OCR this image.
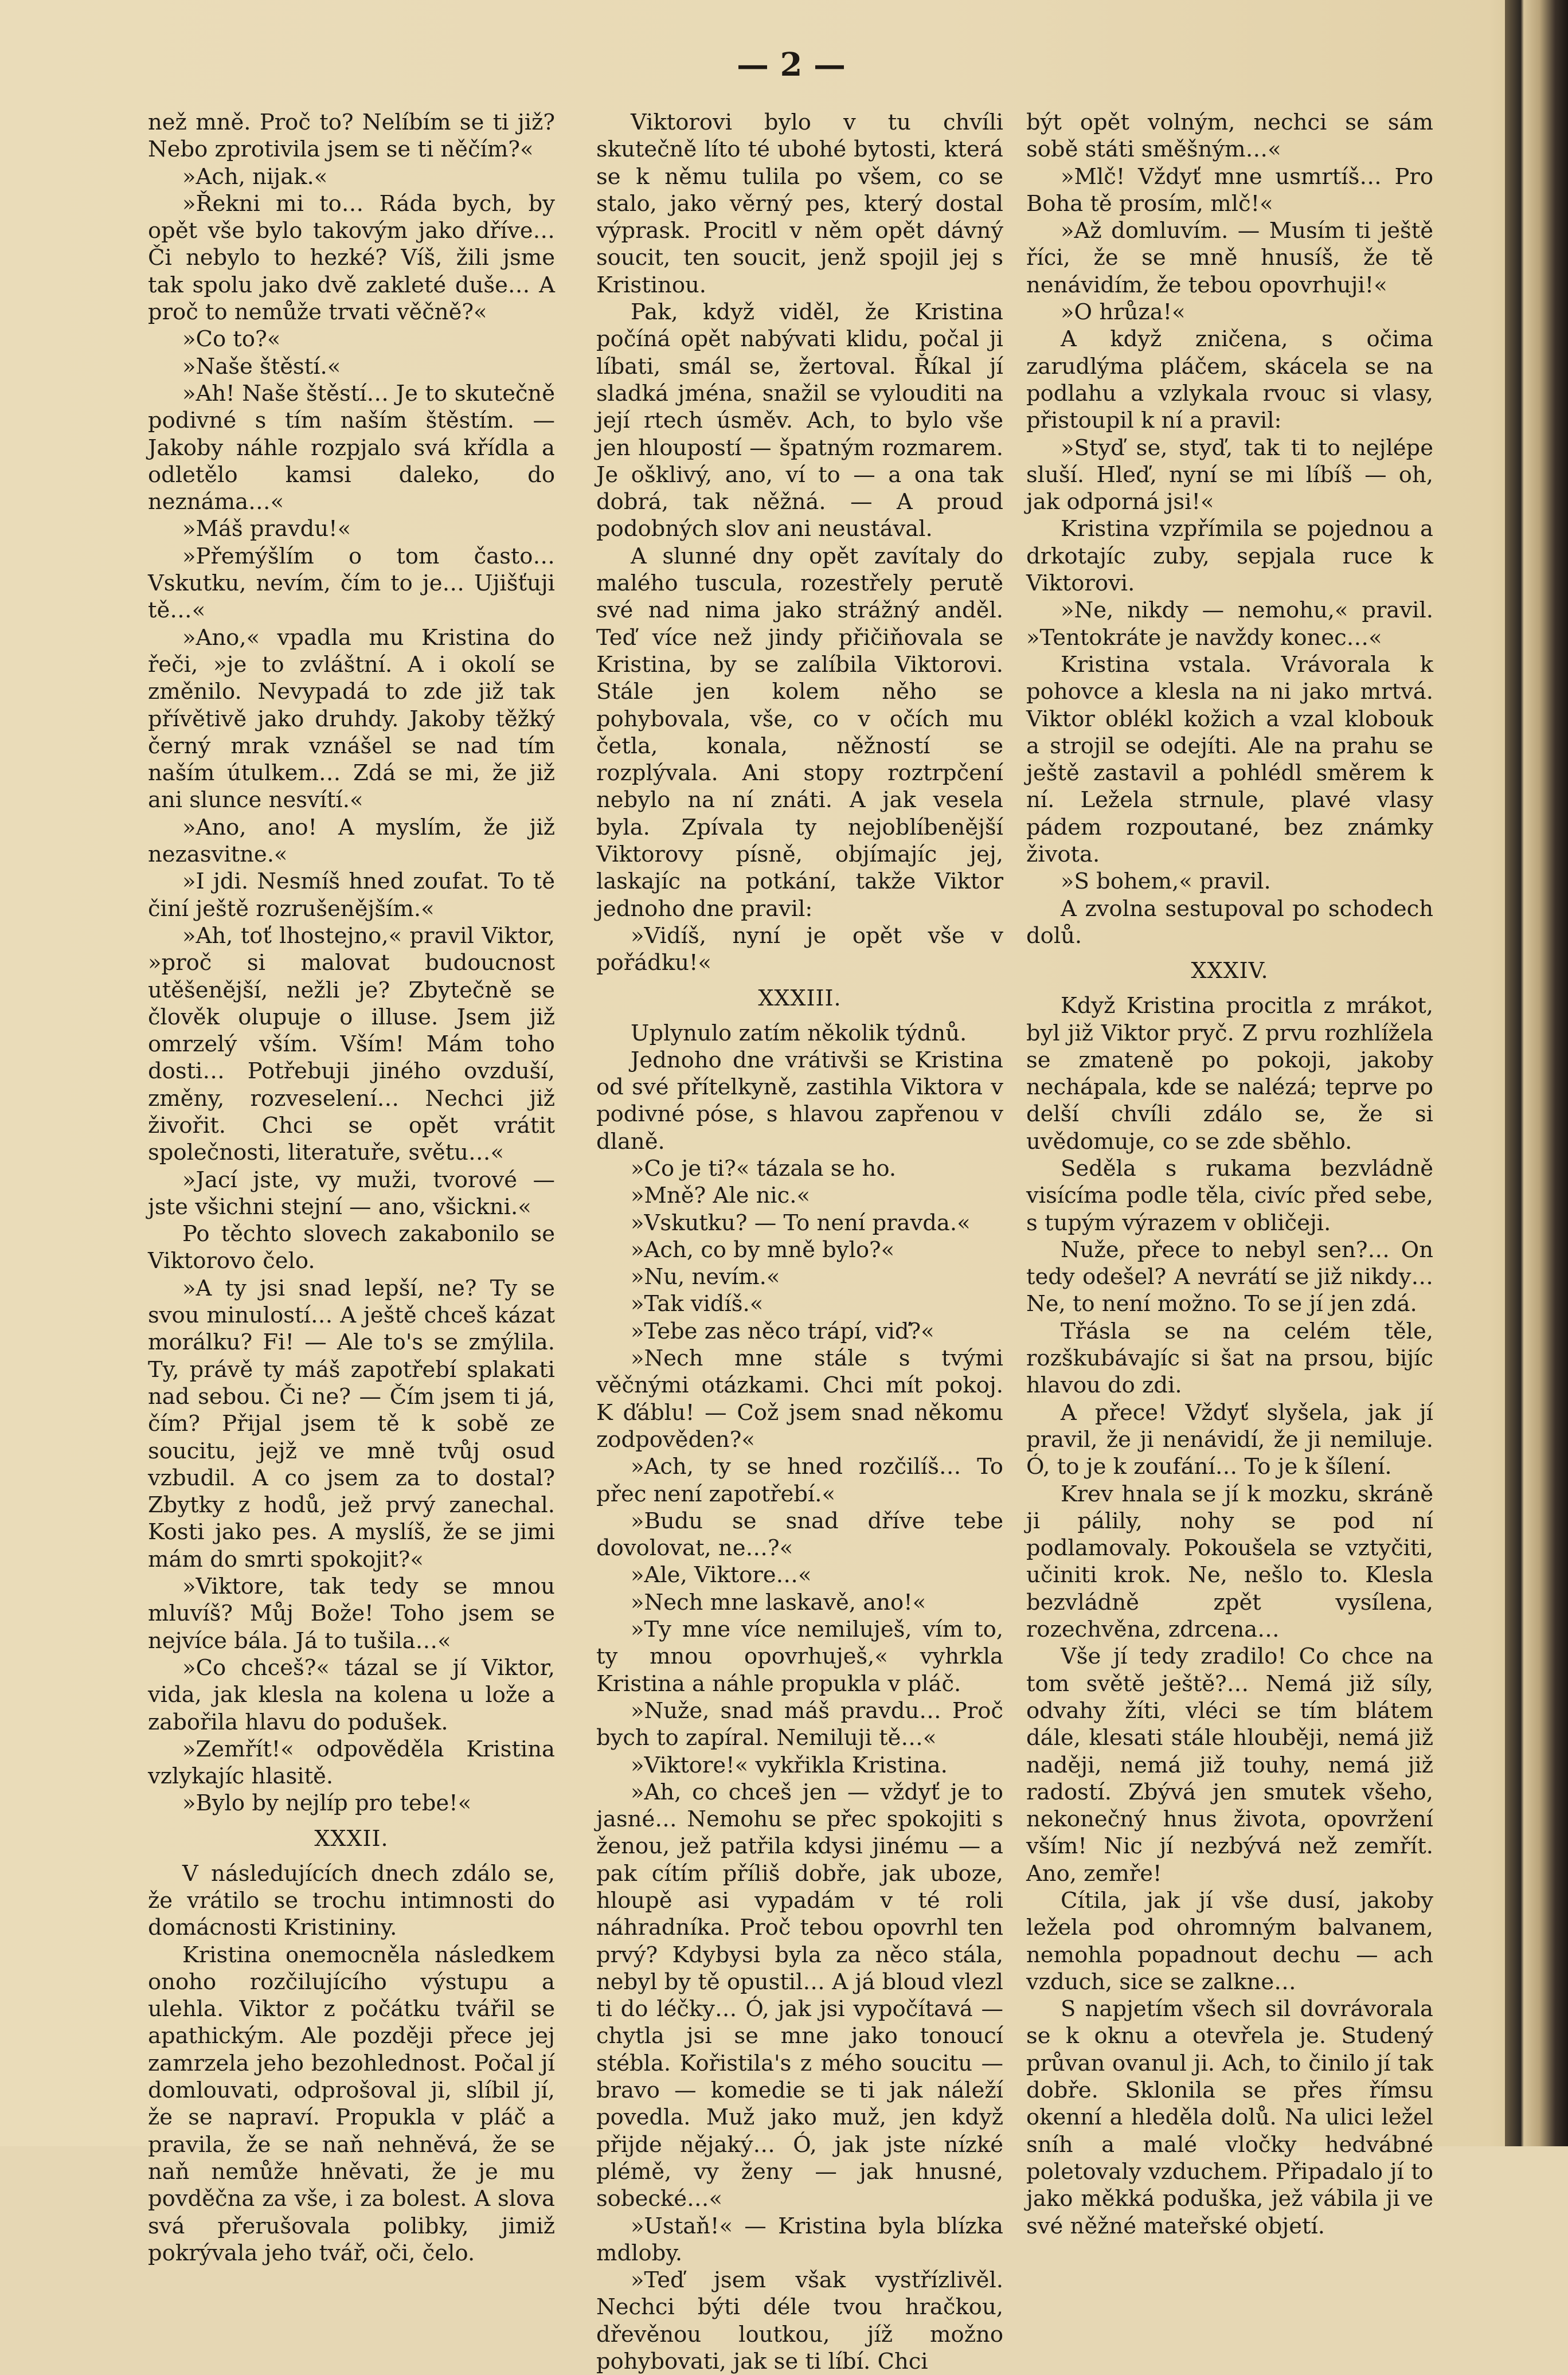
— 2 —

než mně. Proč to? Nelíbím se ti již? Nebo zprotivila jsem se ti něčím?«

»Ach, nijak.«

»Řekni mi to… Ráda bych, by opět vše bylo takovým jako dříve… Či nebylo to hezké? Víš, žili jsme tak spolu jako dvě zakleté duše… A proč to nemůže trvati věčně?«

»Co to?«

»Naše štěstí.«

»Ah! Naše štěstí… Je to skutečně podivné s tím naším štěstím. — Jakoby náhle rozpjalo svá křídla a odletělo kamsi daleko, do neznáma…«

»Máš pravdu!«

»Přemýšlím o tom často… Vskutku, nevím, čím to je… Ujišťuji tě…«

»Ano,« vpadla mu Kristina do řeči, »je to zvláštní. A i okolí se změnilo. Nevypadá to zde již tak přívětivě jako druhdy. Jakoby těžký černý mrak vznášel se nad tím naším útulkem… Zdá se mi, že již ani slunce nesvítí.«

»Ano, ano! A myslím, že již nezasvitne.«

»I jdi. Nesmíš hned zoufat. To tě činí ještě rozrušenějším.«

»Ah, toť lhostejno,« pravil Viktor, »proč si malovat budoucnost utěšenější, nežli je? Zbytečně se člověk olupuje o illuse. Jsem již omrzelý vším. Vším! Mám toho dosti… Potřebuji jiného ovzduší, změny, rozveselení… Nechci již živořit. Chci se opět vrátit společnosti, literatuře, světu…«

»Jací jste, vy muži, tvorové — jste všichni stejní — ano, všickni.«

Po těchto slovech zakabonilo se Viktorovo čelo.

»A ty jsi snad lepší, ne? Ty se svou minulostí… A ještě chceš kázat morálku? Fi! — Ale to's se zmýlila. Ty, právě ty máš zapotřebí splakati nad sebou. Či ne? — Čím jsem ti já, čím? Přijal jsem tě k sobě ze soucitu, jejž ve mně tvůj osud vzbudil. A co jsem za to dostal? Zbytky z hodů, jež prvý zanechal. Kosti jako pes. A myslíš, že se jimi mám do smrti spokojit?«

»Viktore, tak tedy se mnou mluvíš? Můj Bože! Toho jsem se nejvíce bála. Já to tušila…«

»Co chceš?« tázal se jí Viktor, vida, jak klesla na kolena u lože a zabořila hlavu do podušek.

»Zemřít!« odpověděla Kristina vzlykajíc hlasitě.

»Bylo by nejlíp pro tebe!«

XXXII.

V následujících dnech zdálo se, že vrátilo se trochu intimnosti do domácnosti Kristininy.

Kristina onemocněla následkem onoho rozčilujícího výstupu a ulehla. Viktor z počátku tvářil se apathickým. Ale později přece jej zamrzela jeho bezohlednost. Počal jí domlouvati, odprošoval ji, slíbil jí, že se napraví. Propukla v pláč a pravila, že se naň nehněvá, že se naň nemůže hněvati, že je mu povděčna za vše, i za bolest. A slova svá přerušovala polibky, jimiž pokrývala jeho tvář, oči, čelo.

Viktorovi bylo v tu chvíli skutečně líto té ubohé bytosti, která se k němu tulila po všem, co se stalo, jako věrný pes, který dostal výprask. Procitl v něm opět dávný soucit, ten soucit, jenž spojil jej s Kristinou.

Pak, když viděl, že Kristina počíná opět nabývati klidu, počal ji líbati, smál se, žertoval. Říkal jí sladká jména, snažil se vylouditi na její rtech úsměv. Ach, to bylo vše jen hloupostí — špatným rozmarem. Je ošklivý, ano, ví to — a ona tak dobrá, tak něžná. — A proud podobných slov ani neustával.

A slunné dny opět zavítaly do malého tuscula, rozestřely perutě své nad nima jako strážný anděl. Teď více než jindy přičiňovala se Kristina, by se zalíbila Viktorovi. Stále jen kolem něho se pohybovala, vše, co v očích mu četla, konala, něžností se rozplývala. Ani stopy roztrpčení nebylo na ní znáti. A jak vesela byla. Zpívala ty nejoblíbenější Viktorovy písně, objímajíc jej, laskajíc na potkání, takže Viktor jednoho dne pravil:

»Vidíš, nyní je opět vše v pořádku!«

XXXIII.

Uplynulo zatím několik týdnů.

Jednoho dne vrátivši se Kristina od své přítelkyně, zastihla Viktora v podivné póse, s hlavou zapřenou v dlaně.

»Co je ti?« tázala se ho.

»Mně? Ale nic.«

»Vskutku? — To není pravda.«

»Ach, co by mně bylo?«

»Nu, nevím.«

»Tak vidíš.«

»Tebe zas něco trápí, viď?«

»Nech mne stále s tvými věčnými otázkami. Chci mít pokoj. K ďáblu! — Což jsem snad někomu zodpověden?«

»Ach, ty se hned rozčilíš… To přec není zapotřebí.«

»Budu se snad dříve tebe dovolovat, ne…?«

»Ale, Viktore…«

»Nech mne laskavě, ano!«

»Ty mne více nemiluješ, vím to, ty mnou opovrhuješ,« vyhrkla Kristina a náhle propukla v pláč.

»Nuže, snad máš pravdu… Proč bych to zapíral. Nemiluji tě…«

»Viktore!« vykřikla Kristina.

»Ah, co chceš jen — vždyť je to jasné… Nemohu se přec spokojiti s ženou, jež patřila kdysi jinému — a pak cítím příliš dobře, jak uboze, hloupě asi vypadám v té roli náhradníka. Proč tebou opovrhl ten prvý? Kdybysi byla za něco stála, nebyl by tě opustil… A já bloud vlezl ti do léčky… Ó, jak jsi vypočítavá — chytla jsi se mne jako tonoucí stébla. Kořistila's z mého soucitu — bravo — komedie se ti jak náleží povedla. Muž jako muž, jen když přijde nějaký… Ó, jak jste nízké plémě, vy ženy — jak hnusné, sobecké…«

»Ustaň!« — Kristina byla blízka mdloby.

»Teď jsem však vystřízlivěl. Nechci býti déle tvou hračkou, dřevěnou loutkou, jíž možno pohybovati, jak se ti líbí. Chci

být opět volným, nechci se sám sobě státi směšným…«

»Mlč! Vždyť mne usmrtíš… Pro Boha tě prosím, mlč!«

»Až domluvím. — Musím ti ještě říci, že se mně hnusíš, že tě nenávidím, že tebou opovrhuji!«

»O hrůza!«

A když zničena, s očima zarudlýma pláčem, skácela se na podlahu a vzlykala rvouc si vlasy, přistoupil k ní a pravil:

»Styď se, styď, tak ti to nejlépe sluší. Hleď, nyní se mi líbíš — oh, jak odporná jsi!«

Kristina vzpřímila se pojednou a drkotajíc zuby, sepjala ruce k Viktorovi.

»Ne, nikdy — nemohu,« pravil. »Tentokráte je navždy konec…«

Kristina vstala. Vrávorala k pohovce a klesla na ni jako mrtvá. Viktor oblékl kožich a vzal klobouk a strojil se odejíti. Ale na prahu se ještě zastavil a pohlédl směrem k ní. Ležela strnule, plavé vlasy pádem rozpoutané, bez známky života.

»S bohem,« pravil.

A zvolna sestupoval po schodech dolů.

XXXIV.

Když Kristina procitla z mrákot, byl již Viktor pryč. Z prvu rozhlížela se zmateně po pokoji, jakoby nechápala, kde se nalézá; teprve po delší chvíli zdálo se, že si uvědomuje, co se zde sběhlo.

Seděla s rukama bezvládně visícíma podle těla, civíc před sebe, s tupým výrazem v obličeji.

Nuže, přece to nebyl sen?… On tedy odešel? A nevrátí se již nikdy… Ne, to není možno. To se jí jen zdá.

Třásla se na celém těle, rozškubávajíc si šat na prsou, bijíc hlavou do zdi.

A přece! Vždyť slyšela, jak jí pravil, že ji nenávidí, že ji nemiluje. Ó, to je k zoufání… To je k šílení.

Krev hnala se jí k mozku, skráně ji pálily, nohy se pod ní podlamovaly. Pokoušela se vztyčiti, učiniti krok. Ne, nešlo to. Klesla bezvládně zpět vysílena, rozechvěna, zdrcena…

Vše jí tedy zradilo! Co chce na tom světě ještě?… Nemá již síly, odvahy žíti, vléci se tím blátem dále, klesati stále hlouběji, nemá již naději, nemá již touhy, nemá již radostí. Zbývá jen smutek všeho, nekonečný hnus života, opovržení vším! Nic jí nezbývá než zemřít. Ano, zemře!

Cítila, jak jí vše dusí, jakoby ležela pod ohromným balvanem, nemohla popadnout dechu — ach vzduch, sice se zalkne…

S napjetím všech sil dovrávorala se k oknu a otevřela je. Studený průvan ovanul ji. Ach, to činilo jí tak dobře. Sklonila se přes římsu okenní a hleděla dolů. Na ulici ležel sníh a malé vločky hedvábné poletovaly vzduchem. Připadalo jí to jako měkká poduška, jež vábila ji ve své něžné mateřské objetí.
